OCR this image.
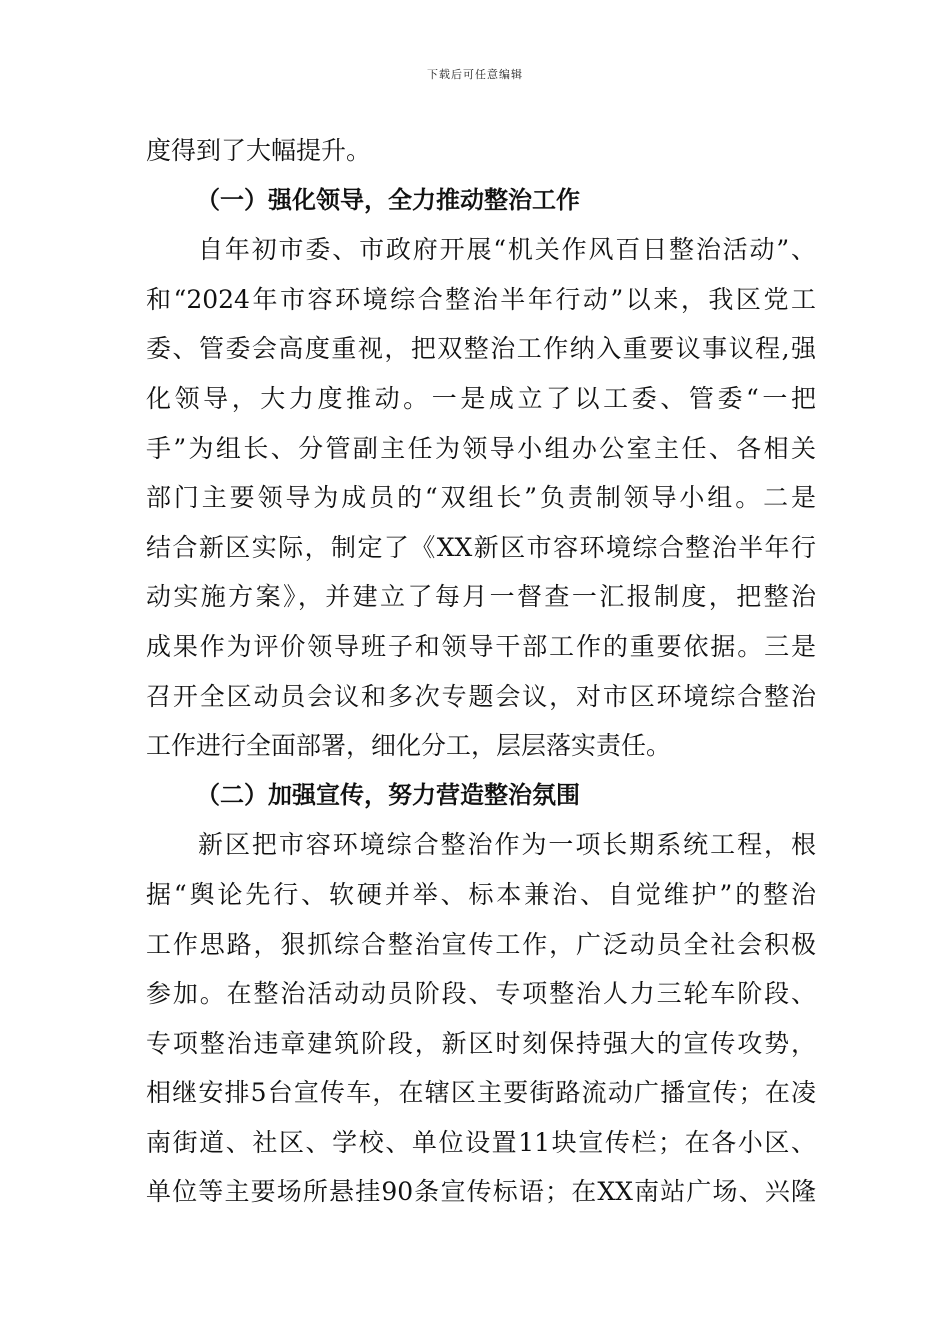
下载后可任意编辑
度得到了大幅提升。
（一）强化领导，全力推动整治工作
自年初市委、市政府开展“机关作风百日整治活动”、
和“2024年市容环境综合整治半年行动”以来，我区党工
委、管委会高度重视，把双整治工作纳入重要议事议程,强
化领导，大力度推动。一是成立了以工委、管委“一把
手”为组长、分管副主任为领导小组办公室主任、各相关
部门主要领导为成员的“双组长”负责制领导小组。二是
结合新区实际，制定了《XX新区市容环境综合整治半年行
动实施方案》，并建立了每月一督查一汇报制度，把整治
成果作为评价领导班子和领导干部工作的重要依据。三是
召开全区动员会议和多次专题会议，对市区环境综合整治
工作进行全面部署，细化分工，层层落实责任。
（二）加强宣传，努力营造整治氛围
新区把市容环境综合整治作为一项长期系统工程，根
据“舆论先行、软硬并举、标本兼治、自觉维护”的整治
工作思路，狠抓综合整治宣传工作，广泛动员全社会积极
参加。在整治活动动员阶段、专项整治人力三轮车阶段、
专项整治违章建筑阶段，新区时刻保持强大的宣传攻势，
相继安排5台宣传车，在辖区主要街路流动广播宣传；在凌
南街道、社区、学校、单位设置11块宣传栏；在各小区、
单位等主要场所悬挂90条宣传标语；在XX南站广场、兴隆
